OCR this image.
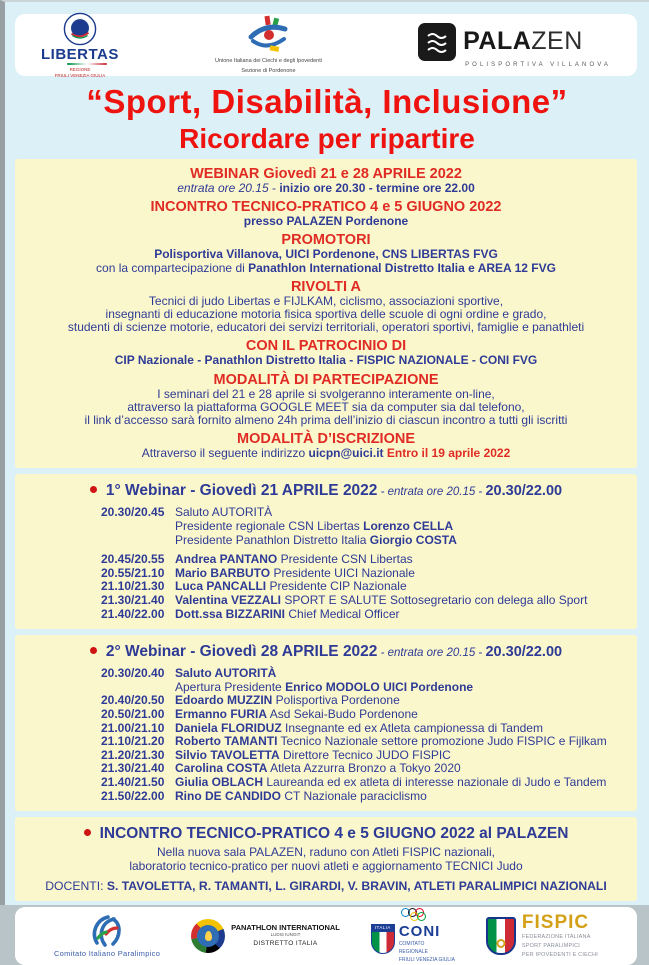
LIBERTAS
REGIONE
FRIULI VENEZIA GIULIA
Unione Italiana dei Ciechi e degli Ipovedenti
Sezione di Pordenone
PALAZEN
POLISPORTIVA VILLANOVA
“Sport, Disabilità, Inclusione”
Ricordare per ripartire
WEBINAR Giovedì 21 e 28 APRILE 2022
entrata ore 20.15 - inizio ore 20.30 - termine ore 22.00
INCONTRO TECNICO-PRATICO 4 e 5 GIUGNO 2022
presso PALAZEN Pordenone
PROMOTORI
Polisportiva Villanova, UICI Pordenone, CNS LIBERTAS FVG
con la compartecipazione di Panathlon International Distretto Italia e AREA 12 FVG
RIVOLTI A
Tecnici di judo Libertas e FIJLKAM, ciclismo, associazioni sportive,
insegnanti di educazione motoria fisica sportiva delle scuole di ogni ordine e grado,
studenti di scienze motorie, educatori dei servizi territoriali, operatori sportivi, famiglie e panathleti
CON IL PATROCINIO DI
CIP Nazionale - Panathlon Distretto Italia - FISPIC NAZIONALE - CONI FVG
MODALITÀ DI PARTECIPAZIONE
I seminari del 21 e 28 aprile si svolgeranno interamente on-line,
attraverso la piattaforma GOOGLE MEET sia da computer sia dal telefono,
il link d’accesso sarà fornito almeno 24h prima dell’inizio di ciascun incontro a tutti gli iscritti
MODALITÀ D’ISCRIZIONE
Attraverso il seguente indirizzo uicpn@uici.it Entro il 19 aprile 2022
1° Webinar - Giovedì 21 APRILE 2022 - entrata ore 20.15 - 20.30/22.00
20.30/20.45 Saluto AUTORITÀ
Presidente regionale CSN Libertas Lorenzo CELLA
Presidente Panathlon Distretto Italia Giorgio COSTA
20.45/20.55 Andrea PANTANO Presidente CSN Libertas
20.55/21.10 Mario BARBUTO Presidente UICI Nazionale
21.10/21.30 Luca PANCALLI Presidente CIP Nazionale
21.30/21.40 Valentina VEZZALI SPORT E SALUTE Sottosegretario con delega allo Sport
21.40/22.00 Dott.ssa BIZZARINI Chief Medical Officer
2° Webinar - Giovedì 28 APRILE 2022 - entrata ore 20.15 - 20.30/22.00
20.30/20.40 Saluto AUTORITÀ
Apertura Presidente Enrico MODOLO UICI Pordenone
20.40/20.50 Edoardo MUZZIN Polisportiva Pordenone
20.50/21.00 Ermanno FURIA Asd Sekai-Budo Pordenone
21.00/21.10 Daniela FLORIDUZ Insegnante ed ex Atleta campionessa di Tandem
21.10/21.20 Roberto TAMANTI Tecnico Nazionale settore promozione Judo FISPIC e Fijlkam
21.20/21.30 Silvio TAVOLETTA Direttore Tecnico JUDO FISPIC
21.30/21.40 Carolina COSTA Atleta Azzurra Bronzo a Tokyo 2020
21.40/21.50 Giulia OBLACH Laureanda ed ex atleta di interesse nazionale di Judo e Tandem
21.50/22.00 Rino DE CANDIDO CT Nazionale paraciclismo
INCONTRO TECNICO-PRATICO 4 e 5 GIUGNO 2022 al PALAZEN
Nella nuova sala PALAZEN, raduno con Atleti FISPIC nazionali,
laboratorio tecnico-pratico per nuovi atleti e aggiornamento TECNICI Judo
DOCENTI: S. TAVOLETTA, R. TAMANTI, L. GIRARDI, V. BRAVIN, ATLETI PARALIMPICI NAZIONALI
Comitato Italiano Paralimpico
PANATHLON INTERNATIONAL
LUDIS IUNGIT
DISTRETTO ITALIA
ITALIA CONI
COMITATO
REGIONALE
FRIULI VENEZIA GIULIA
FISPIC
FEDERAZIONE ITALIANA
SPORT PARALIMPICI
PER IPOVEDENTI E CIECHI
